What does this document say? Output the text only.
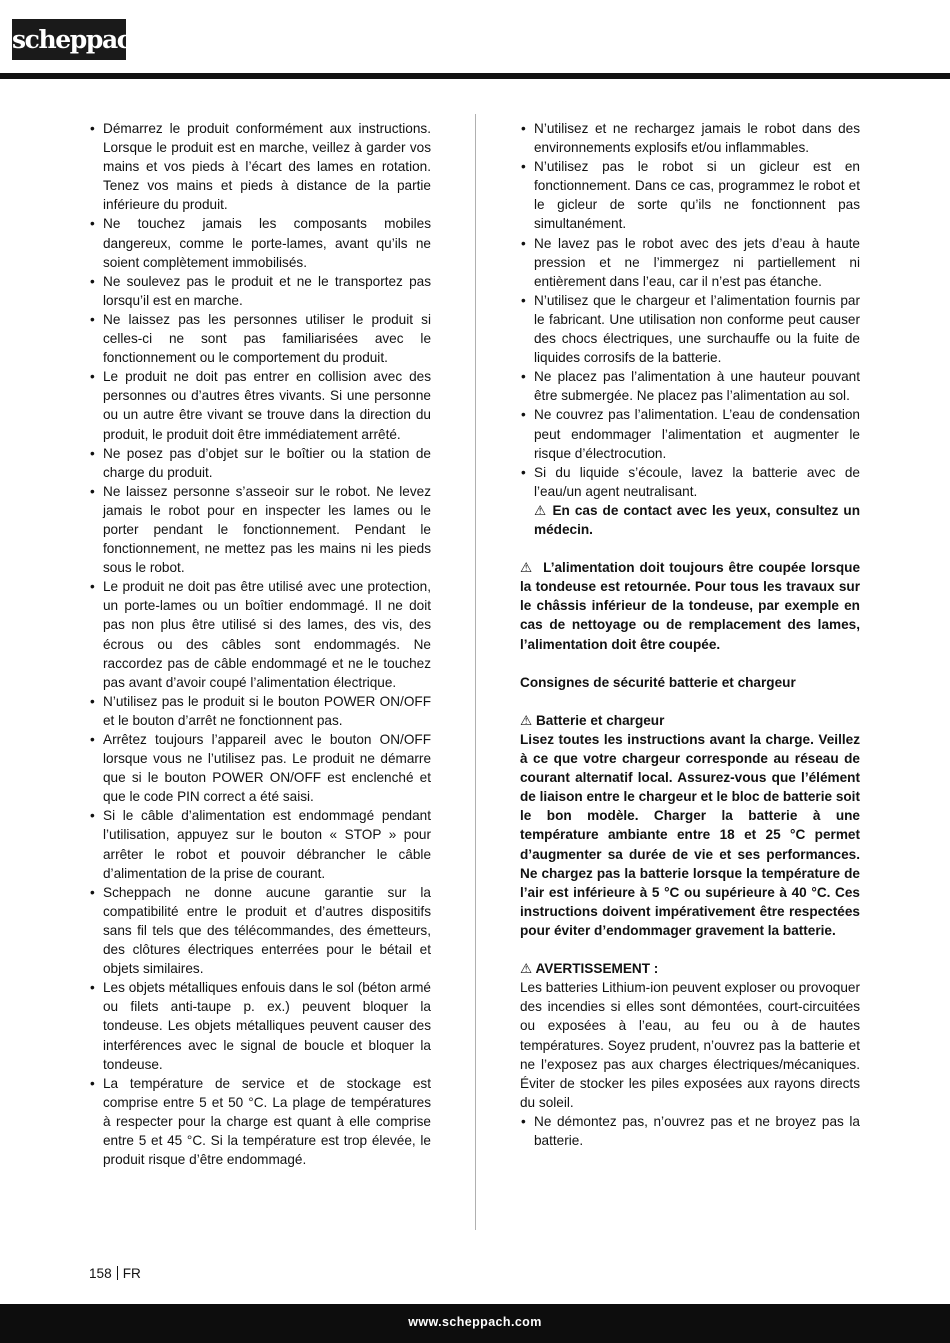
scheppach
• Démarrez le produit conformément aux instructions. Lorsque le produit est en marche, veillez à garder vos mains et vos pieds à l’écart des lames en rotation. Tenez vos mains et pieds à distance de la partie inférieure du produit.
• Ne touchez jamais les composants mobiles dangereux, comme le porte-lames, avant qu’ils ne soient complètement immobilisés.
• Ne soulevez pas le produit et ne le transportez pas lorsqu’il est en marche.
• Ne laissez pas les personnes utiliser le produit si celles-ci ne sont pas familiarisées avec le fonctionnement ou le comportement du produit.
• Le produit ne doit pas entrer en collision avec des personnes ou d’autres êtres vivants. Si une personne ou un autre être vivant se trouve dans la direction du produit, le produit doit être immédiatement arrêté.
• Ne posez pas d’objet sur le boîtier ou la station de charge du produit.
• Ne laissez personne s’asseoir sur le robot. Ne levez jamais le robot pour en inspecter les lames ou le porter pendant le fonctionnement. Pendant le fonctionnement, ne mettez pas les mains ni les pieds sous le robot.
• Le produit ne doit pas être utilisé avec une protection, un porte-lames ou un boîtier endommagé. Il ne doit pas non plus être utilisé si des lames, des vis, des écrous ou des câbles sont endommagés. Ne raccordez pas de câble endommagé et ne le touchez pas avant d’avoir coupé l’alimentation électrique.
• N’utilisez pas le produit si le bouton POWER ON/OFF et le bouton d’arrêt ne fonctionnent pas.
• Arrêtez toujours l’appareil avec le bouton ON/OFF lorsque vous ne l’utilisez pas. Le produit ne démarre que si le bouton POWER ON/OFF est enclenché et que le code PIN correct a été saisi.
• Si le câble d’alimentation est endommagé pendant l’utilisation, appuyez sur le bouton « STOP » pour arrêter le robot et pouvoir débrancher le câble d’alimentation de la prise de courant.
• Scheppach ne donne aucune garantie sur la compatibilité entre le produit et d’autres dispositifs sans fil tels que des télécommandes, des émetteurs, des clôtures électriques enterrées pour le bétail et objets similaires.
• Les objets métalliques enfouis dans le sol (béton armé ou filets anti-taupe p. ex.) peuvent bloquer la tondeuse. Les objets métalliques peuvent causer des interférences avec le signal de boucle et bloquer la tondeuse.
• La température de service et de stockage est comprise entre 5 et 50 °C. La plage de températures à respecter pour la charge est quant à elle comprise entre 5 et 45 °C. Si la température est trop élevée, le produit risque d’être endommagé.
• N’utilisez et ne rechargez jamais le robot dans des environnements explosifs et/ou inflammables.
• N’utilisez pas le robot si un gicleur est en fonctionnement. Dans ce cas, programmez le robot et le gicleur de sorte qu’ils ne fonctionnent pas simultanément.
• Ne lavez pas le robot avec des jets d’eau à haute pression et ne l’immergez ni partiellement ni entièrement dans l’eau, car il n’est pas étanche.
• N’utilisez que le chargeur et l’alimentation fournis par le fabricant. Une utilisation non conforme peut causer des chocs électriques, une surchauffe ou la fuite de liquides corrosifs de la batterie.
• Ne placez pas l’alimentation à une hauteur pouvant être submergée. Ne placez pas l’alimentation au sol.
• Ne couvrez pas l’alimentation. L’eau de condensation peut endommager l’alimentation et augmenter le risque d’électrocution.
• Si du liquide s’écoule, lavez la batterie avec de l’eau/un agent neutralisant.

⚠ En cas de contact avec les yeux, consultez un médecin.

⚠ L’alimentation doit toujours être coupée lorsque la tondeuse est retournée. Pour tous les travaux sur le châssis inférieur de la tondeuse, par exemple en cas de nettoyage ou de remplacement des lames, l’alimentation doit être coupée.

Consignes de sécurité batterie et chargeur

⚠ Batterie et chargeur

Lisez toutes les instructions avant la charge. Veillez à ce que votre chargeur corresponde au réseau de courant alternatif local. Assurez-vous que l’élément de liaison entre le chargeur et le bloc de batterie soit le bon modèle. Charger la batterie à une température ambiante entre 18 et 25 °C permet d’augmenter sa durée de vie et ses performances. Ne chargez pas la batterie lorsque la température de l’air est inférieure à 5 °C ou supérieure à 40 °C. Ces instructions doivent impérativement être respectées pour éviter d’endommager gravement la batterie.

⚠ AVERTISSEMENT :

Les batteries Lithium-ion peuvent exploser ou provoquer des incendies si elles sont démontées, court-circuitées ou exposées à l’eau, au feu ou à de hautes températures. Soyez prudent, n’ouvrez pas la batterie et ne l’exposez pas aux charges électriques/mécaniques. Éviter de stocker les piles exposées aux rayons directs du soleil.

• Ne démontez pas, n’ouvrez pas et ne broyez pas la batterie.
158 FR
www.scheppach.com
